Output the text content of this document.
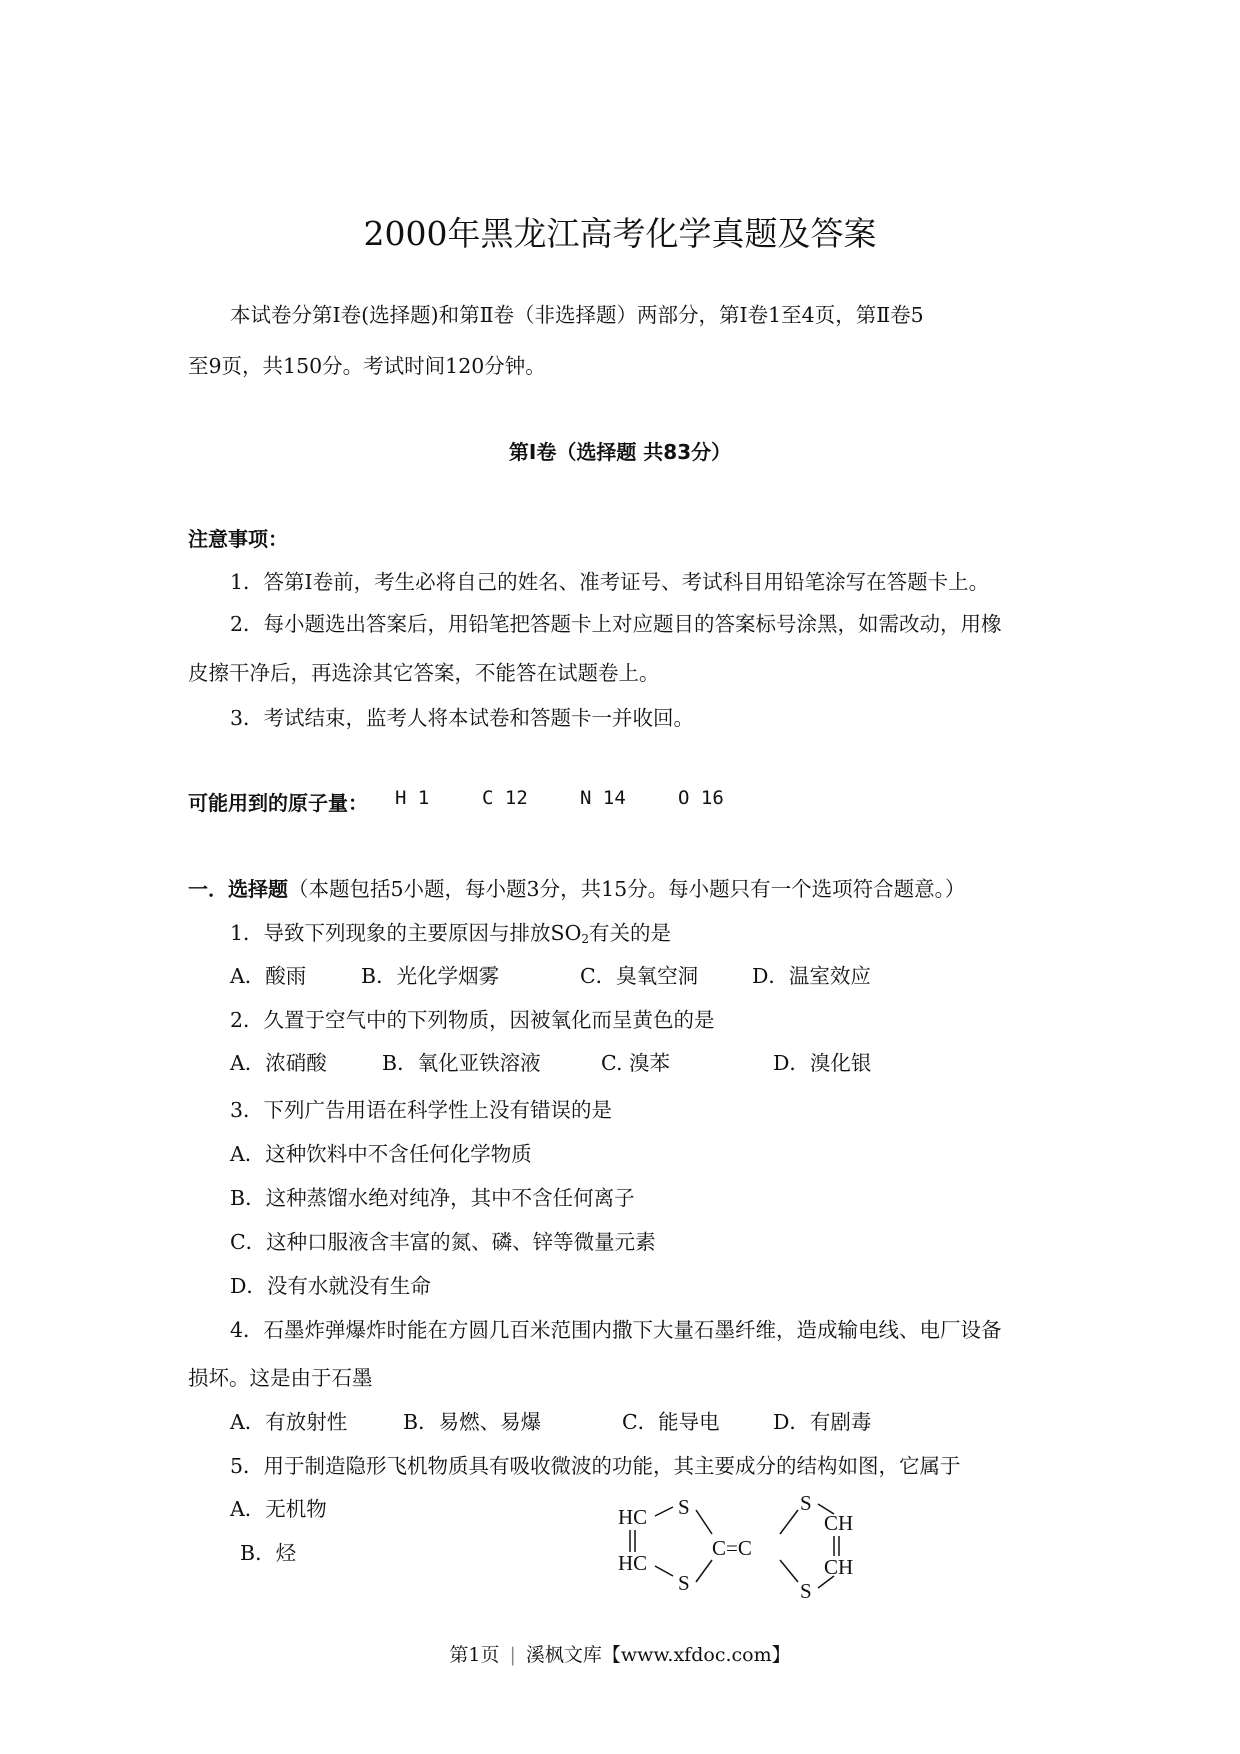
2000年黑龙江高考化学真题及答案
本试卷分第Ⅰ卷(选择题)和第Ⅱ卷（非选择题）两部分，第Ⅰ卷1至4页，第Ⅱ卷5
至9页，共150分。考试时间120分钟。
第Ⅰ卷（选择题 共83分）
注意事项：
1．答第Ⅰ卷前，考生必将自己的姓名、准考证号、考试科目用铅笔涂写在答题卡上。
2．每小题选出答案后，用铅笔把答题卡上对应题目的答案标号涂黑，如需改动，用橡
皮擦干净后，再选涂其它答案，不能答在试题卷上。
3．考试结束，监考人将本试卷和答题卡一并收回。
可能用到的原子量： H 1	C 12	N 14	O 16
一．选择题（本题包括5小题，每小题3分，共15分。每小题只有一个选项符合题意。）
1．导致下列现象的主要原因与排放$SO_2$有关的是
A．酸雨	B．光化学烟雾	C．臭氧空洞	D．温室效应
2．久置于空气中的下列物质，因被氧化而呈黄色的是
A．浓硝酸	B．氧化亚铁溶液	C. 溴苯	D．溴化银
3．下列广告用语在科学性上没有错误的是
A．这种饮料中不含任何化学物质
B．这种蒸馏水绝对纯净，其中不含任何离子
C．这种口服液含丰富的氮、磷、锌等微量元素
D．没有水就没有生命
4．石墨炸弹爆炸时能在方圆几百米范围内撒下大量石墨纤维，造成输电线、电厂设备
损坏。这是由于石墨
A．有放射性	B．易燃、易爆	C．能导电	D．有剧毒
5．用于制造隐形飞机物质具有吸收微波的功能，其主要成分的结构如图，它属于
A．无机物
B．烃
HC
HC
S
S
C=C
S
S
CH
CH
第1页 | 溪枫文库【www.xfdoc.com】
